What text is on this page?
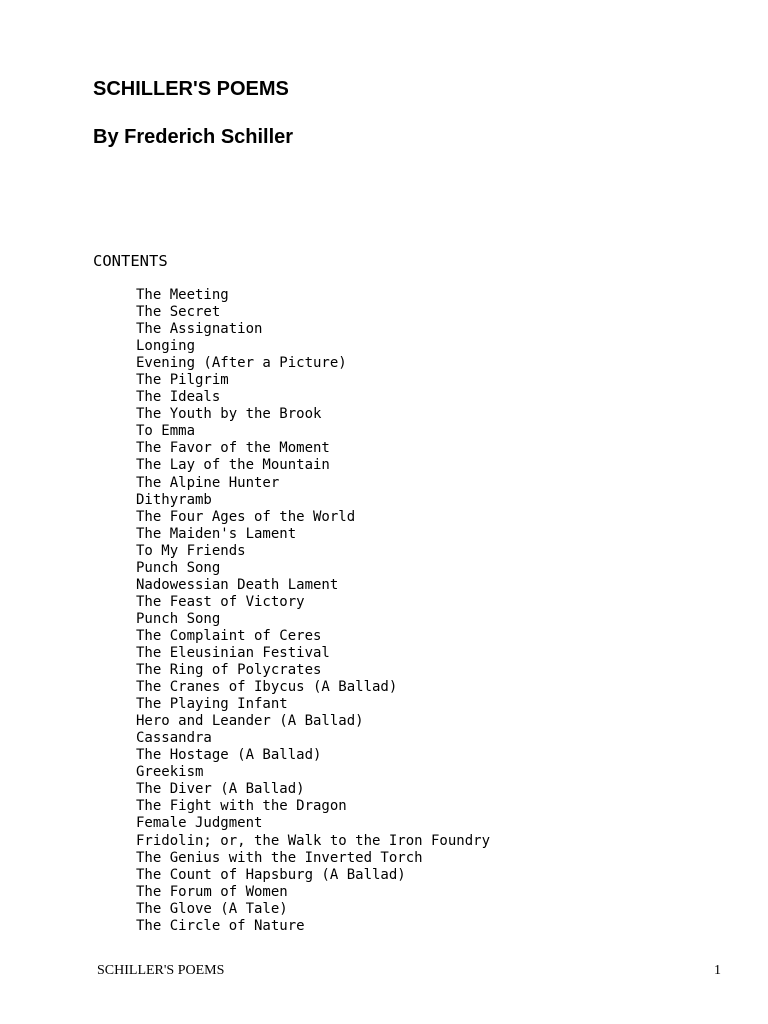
SCHILLER'S POEMS
By Frederich Schiller
CONTENTS
The Meeting
The Secret
The Assignation
Longing
Evening (After a Picture)
The Pilgrim
The Ideals
The Youth by the Brook
To Emma
The Favor of the Moment
The Lay of the Mountain
The Alpine Hunter
Dithyramb
The Four Ages of the World
The Maiden's Lament
To My Friends
Punch Song
Nadowessian Death Lament
The Feast of Victory
Punch Song
The Complaint of Ceres
The Eleusinian Festival
The Ring of Polycrates
The Cranes of Ibycus (A Ballad)
The Playing Infant
Hero and Leander (A Ballad)
Cassandra
The Hostage (A Ballad)
Greekism
The Diver (A Ballad)
The Fight with the Dragon
Female Judgment
Fridolin; or, the Walk to the Iron Foundry
The Genius with the Inverted Torch
The Count of Hapsburg (A Ballad)
The Forum of Women
The Glove (A Tale)
The Circle of Nature
SCHILLER'S POEMS	1
